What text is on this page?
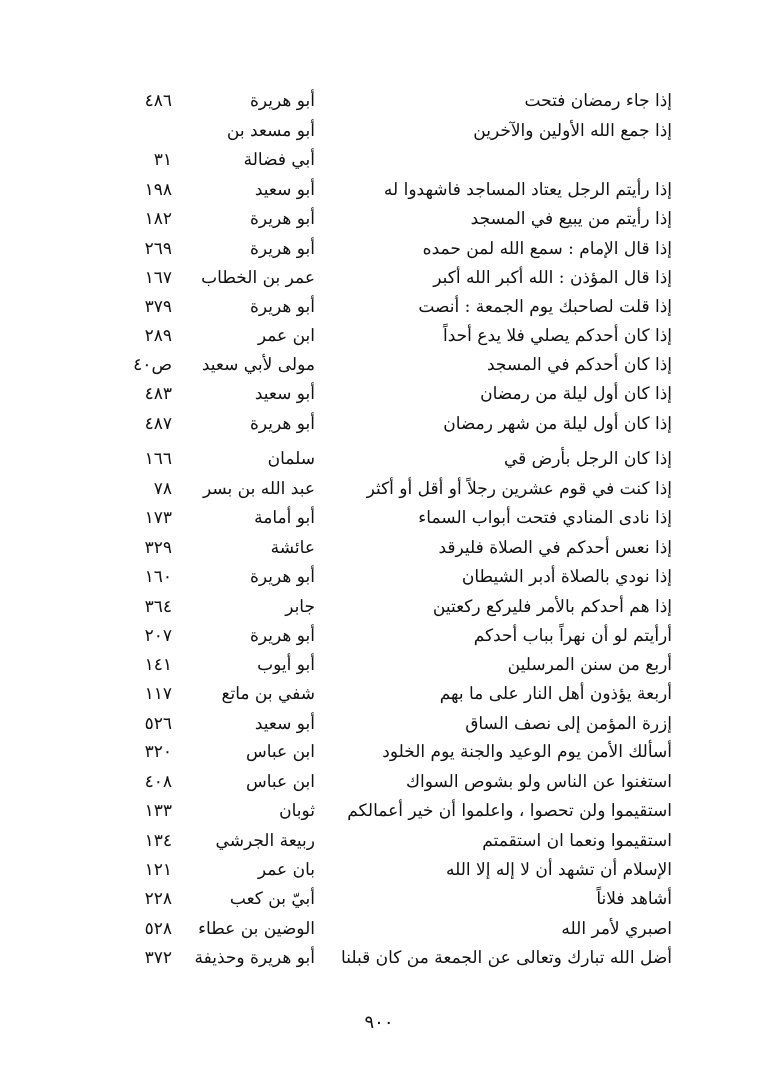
إذا جاء رمضان فتحت
أبو هريرة
٤٨٦
إذا جمع الله الأولين والآخرين
أبو مسعد بن
أبي فضالة
٣١
إذا رأيتم الرجل يعتاد المساجد فاشهدوا له
أبو سعيد
١٩٨
إذا رأيتم من يبيع في المسجد
أبو هريرة
١٨٢
إذا قال الإمام : سمع الله لمن حمده
أبو هريرة
٢٦٩
إذا قال المؤذن : الله أكبر الله أكبر
عمر بن الخطاب
١٦٧
إذا قلت لصاحبك يوم الجمعة : أنصت
أبو هريرة
٣٧٩
إذا كان أحدكم يصلي فلا يدع أحداً
ابن عمر
٢٨٩
إذا كان أحدكم في المسجد
مولى لأبي سعيد
ص٤٠
إذا كان أول ليلة من رمضان
أبو سعيد
٤٨٣
إذا كان أول ليلة من شهر رمضان
أبو هريرة
٤٨٧
إذا كان الرجل بأرض قي
سلمان
١٦٦
إذا كنت في قوم عشرين رجلاً أو أقل أو أكثر
عبد الله بن بسر
٧٨
إذا نادى المنادي فتحت أبواب السماء
أبو أمامة
١٧٣
إذا نعس أحدكم في الصلاة فليرقد
عائشة
٣٢٩
إذا نودي بالصلاة أدبر الشيطان
أبو هريرة
١٦٠
إذا هم أحدكم بالأمر فليركع ركعتين
جابر
٣٦٤
أرأيتم لو أن نهراً بباب أحدكم
أبو هريرة
٢٠٧
أربع من سنن المرسلين
أبو أيوب
١٤١
أربعة يؤذون أهل النار على ما بهم
شفي بن ماتع
١١٧
إزرة المؤمن إلى نصف الساق
أبو سعيد
٥٢٦
أسألك الأمن يوم الوعيد والجنة يوم الخلود
ابن عباس
٣٢٠
استغنوا عن الناس ولو بشوص السواك
ابن عباس
٤٠٨
استقيموا ولن تحصوا ، واعلموا أن خير أعمالكم
ثوبان
١٣٣
استقيموا ونعما ان استقمتم
ربيعة الجرشي
١٣٤
الإسلام أن تشهد أن لا إله إلا الله
بان عمر
١٢١
أشاهد فلاناً
أبيّ بن كعب
٢٢٨
اصبري لأمر الله
الوضين بن عطاء
٥٢٨
أضل الله تبارك وتعالى عن الجمعة من كان قبلنا
أبو هريرة وحذيفة
٣٧٢
٩٠٠
